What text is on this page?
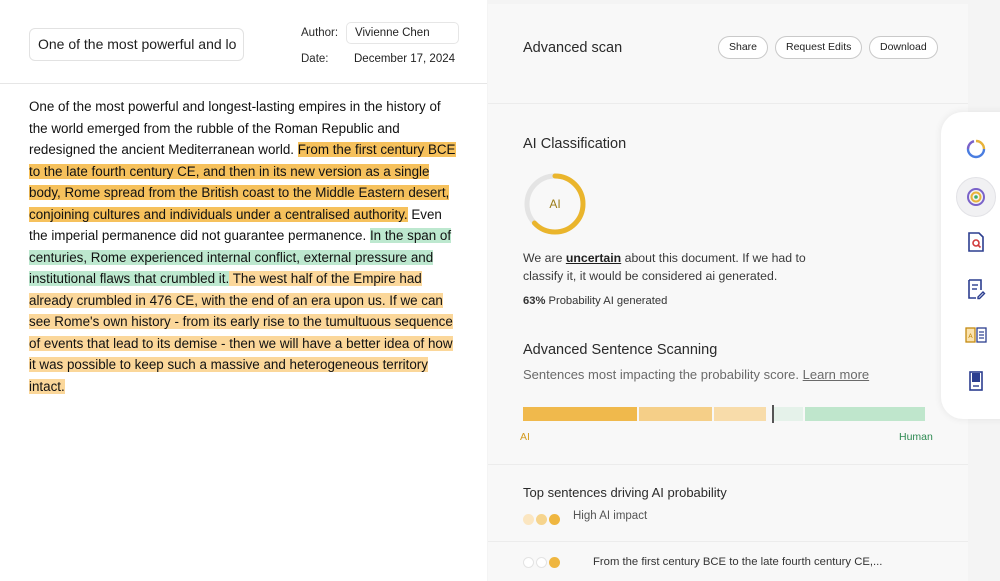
One of the most powerful and lo
Author:	Vivienne Chen
Date: December 17, 2024
One of the most powerful and longest-lasting empires in the history of the world emerged from the rubble of the Roman Republic and redesigned the ancient Mediterranean world. From the first century BCE to the late fourth century CE, and then in its new version as a single body, Rome spread from the British coast to the Middle Eastern desert, conjoining cultures and individuals under a centralised authority. Even the imperial permanence did not guarantee permanence. In the span of centuries, Rome experienced internal conflict, external pressure and institutional flaws that crumbled it. The west half of the Empire had already crumbled in 476 CE, with the end of an era upon us. If we can see Rome's own history - from its early rise to the tumultuous sequence of events that lead to its demise - then we will have a better idea of how it was possible to keep such a massive and heterogeneous territory intact.
Advanced scan	Share	Request Edits	Download
AI Classification
AI
We are uncertain about this document. If we had to classify it, it would be considered ai generated.
63% Probability AI generated
Advanced Sentence Scanning
Sentences most impacting the probability score. Learn more
AI	Human
Top sentences driving AI probability
High AI impact
From the first century BCE to the late fourth century CE,...
A
